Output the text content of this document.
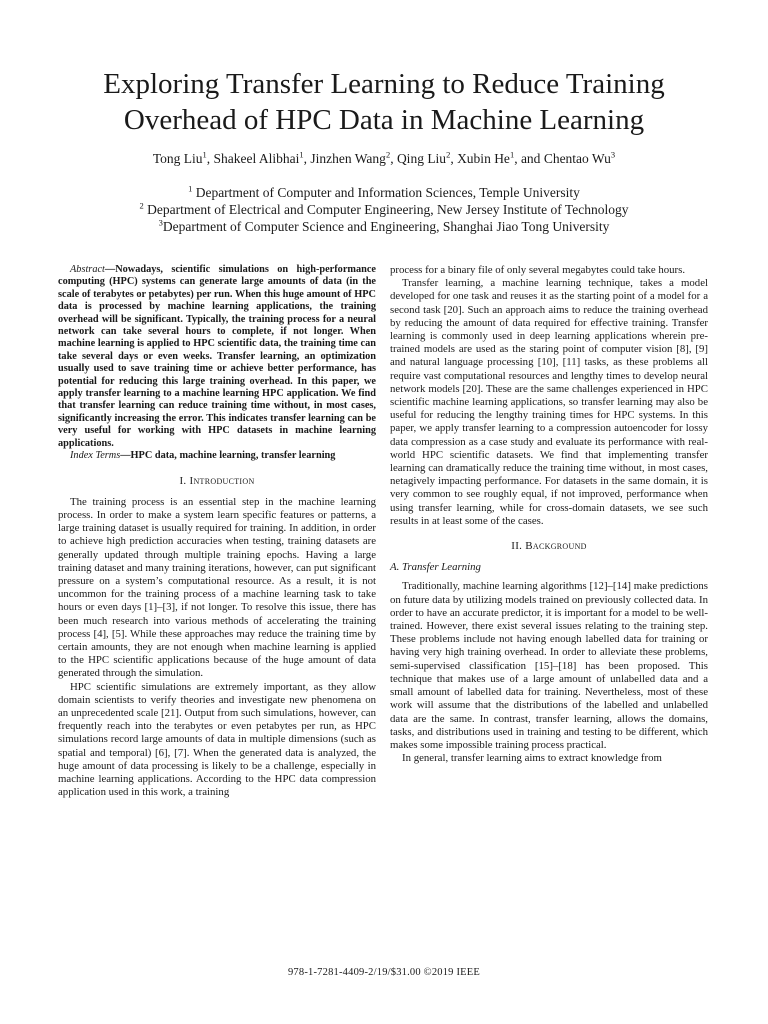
Exploring Transfer Learning to Reduce Training
Overhead of HPC Data in Machine Learning
Tong Liu$^1$, Shakeel Alibhai$^1$, Jinzhen Wang$^2$, Qing Liu$^2$, Xubin He$^1$, and Chentao Wu$^3$
$^1$ Department of Computer and Information Sciences, Temple University
$^2$ Department of Electrical and Computer Engineering, New Jersey Institute of Technology
$^3$Department of Computer Science and Engineering, Shanghai Jiao Tong University

Abstract—Nowadays, scientific simulations on high-performance computing (HPC) systems can generate large amounts of data (in the scale of terabytes or petabytes) per run. When this huge amount of HPC data is processed by machine learning applications, the training overhead will be significant. Typically, the training process for a neural network can take several hours to complete, if not longer. When machine learning is applied to HPC scientific data, the training time can take several days or even weeks. Transfer learning, an optimization usually used to save training time or achieve better performance, has potential for reducing this large training overhead. In this paper, we apply transfer learning to a machine learning HPC application. We find that transfer learning can reduce training time without, in most cases, significantly increasing the error. This indicates transfer learning can be very useful for working with HPC datasets in machine learning applications.

Index Terms—HPC data, machine learning, transfer learning

I. Introduction

The training process is an essential step in the machine learning process. In order to make a system learn specific features or patterns, a large training dataset is usually required for training. In addition, in order to achieve high prediction accuracies when testing, training datasets are generally updated through multiple training epochs. Having a large training dataset and many training iterations, however, can put significant pressure on a system’s computational resource. As a result, it is not uncommon for the training process of a machine learning task to take hours or even days [1]–[3], if not longer. To resolve this issue, there has been much research into various methods of accelerating the training process [4], [5]. While these approaches may reduce the training time by certain amounts, they are not enough when machine learning is applied to the HPC scientific applications because of the huge amount of data generated through the simulation.

HPC scientific simulations are extremely important, as they allow domain scientists to verify theories and investigate new phenomena on an unprecedented scale [21]. Output from such simulations, however, can frequently reach into the terabytes or even petabytes per run, as HPC simulations record large amounts of data in multiple dimensions (such as spatial and temporal) [6], [7]. When the generated data is analyzed, the huge amount of data processing is likely to be a challenge, especially in machine learning applications. According to the HPC data compression application used in this work, a training

process for a binary file of only several megabytes could take hours.

Transfer learning, a machine learning technique, takes a model developed for one task and reuses it as the starting point of a model for a second task [20]. Such an approach aims to reduce the training overhead by reducing the amount of data required for effective training. Transfer learning is commonly used in deep learning applications wherein pre-trained models are used as the staring point of computer vision [8], [9] and natural language processing [10], [11] tasks, as these problems all require vast computational resources and lengthy times to develop neural network models [20]. These are the same challenges experienced in HPC scientific machine learning applications, so transfer learning may also be useful for reducing the lengthy training times for HPC systems. In this paper, we apply transfer learning to a compression autoencoder for lossy data compression as a case study and evaluate its performance with real-world HPC scientific datasets. We find that implementing transfer learning can dramatically reduce the training time without, in most cases, netagively impacting performance. For datasets in the same domain, it is very common to see roughly equal, if not improved, performance when using transfer learning, while for cross-domain datasets, we see such results in at least some of the cases.

II. Background
A. Transfer Learning

Traditionally, machine learning algorithms [12]–[14] make predictions on future data by utilizing models trained on previously collected data. In order to have an accurate predictor, it is important for a model to be well-trained. However, there exist several issues relating to the training step. These problems include not having enough labelled data for training or having very high training overhead. In order to alleviate these problems, semi-supervised classification [15]–[18] has been proposed. This technique that makes use of a large amount of unlabelled data and a small amount of labelled data for training. Nevertheless, most of these work will assume that the distributions of the labelled and unlabelled data are the same. In contrast, transfer learning, allows the domains, tasks, and distributions used in training and testing to be different, which makes some impossible training process practical.

In general, transfer learning aims to extract knowledge from

978-1-7281-4409-2/19/$31.00 ©2019 IEEE
